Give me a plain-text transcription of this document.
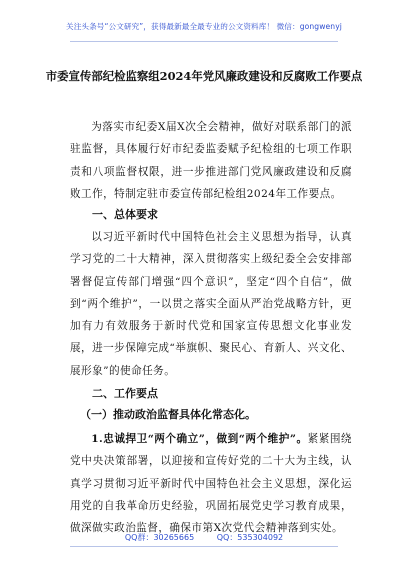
关注头条号“公文研究”，获得最新最全最专业的公文资料库！ 微信：gongwenyj
市委宣传部纪检监察组2024年党风廉政建设和反腐败工作要点
为落实市纪委X届X次全会精神，做好对联系部门的派驻监督，具体履行好市纪委监委赋予纪检组的七项工作职责和八项监督权限，进一步推进部门党风廉政建设和反腐败工作，特制定驻市委宣传部纪检组2024年工作要点。
一、总体要求
以习近平新时代中国特色社会主义思想为指导，认真学习党的二十大精神，深入贯彻落实上级纪委全会安排部署督促宣传部门增强“四个意识”，坚定“四个自信”，做到“两个维护”，一以贯之落实全面从严治党战略方针，更加有力有效服务于新时代党和国家宣传思想文化事业发展，进一步保障完成“举旗帜、聚民心、育新人、兴文化、展形象”的使命任务。
二、工作要点
（一）推动政治监督具体化常态化。
1.忠诚捍卫“两个确立”，做到“两个维护”。紧紧围绕党中央决策部署，以迎接和宣传好党的二十大为主线，认真学习贯彻习近平新时代中国特色社会主义思想，深化运用党的自我革命历史经验，巩固拓展党史学习教育成果，做深做实政治监督，确保市第X次党代会精神落到实处。
QQ群：30265665	QQ：535304092
